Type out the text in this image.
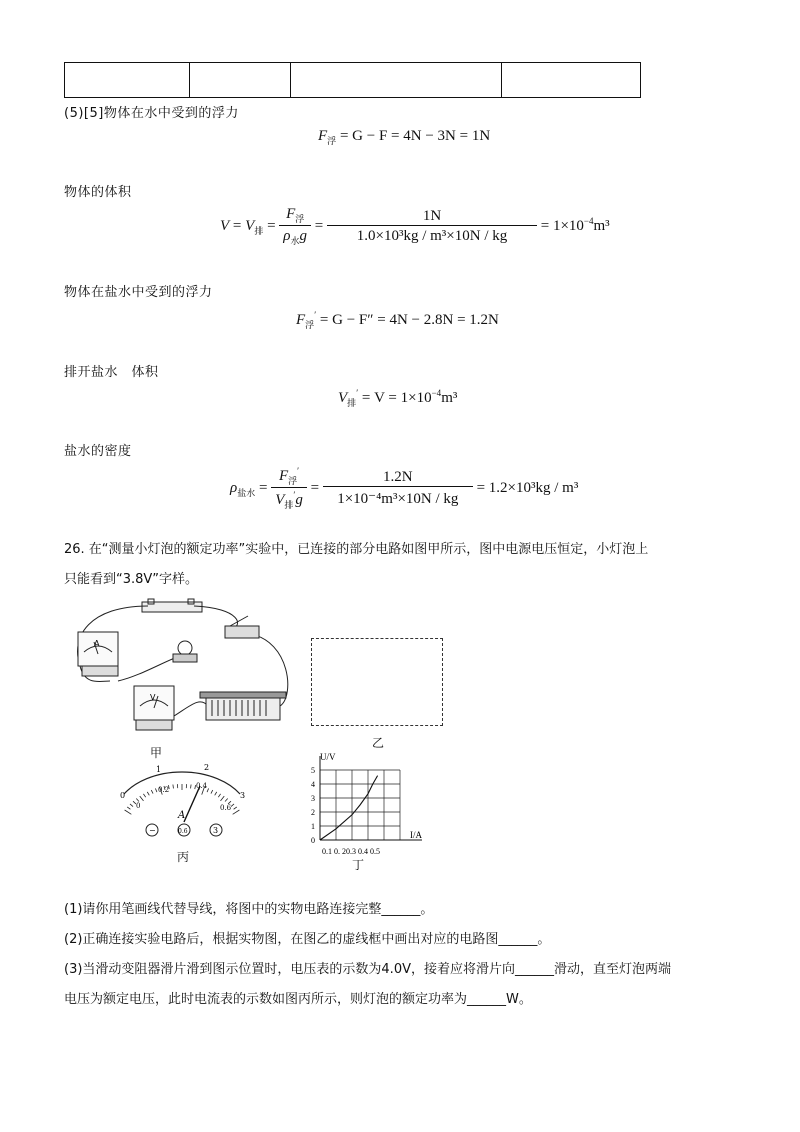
(5)[5]物体在水中受到的浮力
$F_浮 = G - F = 4N - 3N = 1N$
物体的体积
$V = V_排 = \frac{F_浮}{\rho_水g} = \frac{1N}{\text{1.0×10³kg / m³×10N / kg}} = 1\times 10^{-4}m^3$
物体在盐水中受到的浮力
$F_浮' = G - F'' = 4N - 2.8N = 1.2N$
排开盐水　体积
$V_排' = V = 1\times 10^{-4}m^3$
盐水的密度
$\rho_{盐水} = \frac{F_浮'}{V_排'g} = \frac{1.2N}{\text{1×10⁻⁴m³×10N / kg}} = 1.2\times 10^3kg / m^3$
26. 在“测量小灯泡的额定功率”实验中，已连接的部分电路如图甲所示，图中电源电压恒定，小灯泡上
只能看到“3.8V”字样。
A
V
甲
乙
0
1	2
3
0
0.2	0.4
0.6
A
−	0.6	3
丙
0
1
2
3
4
5
U/V
I/A
0.1 0. 20.3 0.4 0.5
丁
(1)请你用笔画线代替导线，将图中的实物电路连接完整______。
(2)正确连接实验电路后，根据实物图，在图乙的虚线框中画出对应的电路图______。
(3)当滑动变阻器滑片滑到图示位置时，电压表的示数为4.0V，接着应将滑片向______滑动，直至灯泡两端
电压为额定电压，此时电流表的示数如图丙所示，则灯泡的额定功率为______W。
